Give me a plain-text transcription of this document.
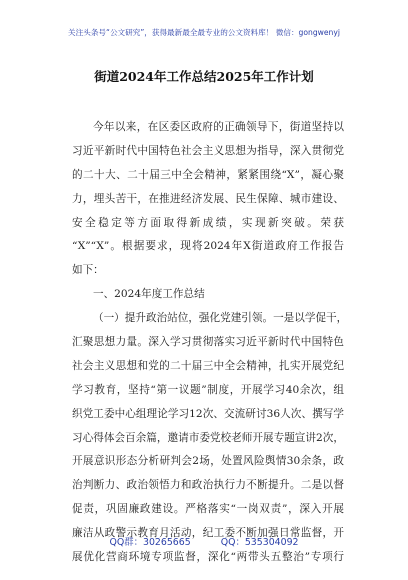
关注头条号“公文研究”，获得最新最全最专业的公文资料库！ 微信：gongwenyj
街道2024年工作总结2025年工作计划
今年以来，在区委区政府的正确领导下，街道坚持以
习近平新时代中国特色社会主义思想为指导，深入贯彻党
的二十大、二十届三中全会精神，紧紧围绕“X”，凝心聚
力，埋头苦干，在推进经济发展、民生保障、城市建设、
安全稳定等方面取得新成绩，实现新突破。荣获
“X”“X”。根据要求，现将2024年X街道政府工作报告
如下：
一、2024年度工作总结
（一）提升政治站位，强化党建引领。一是以学促干，
汇聚思想力量。深入学习贯彻落实习近平新时代中国特色
社会主义思想和党的二十届三中全会精神，扎实开展党纪
学习教育，坚持“第一议题”制度，开展学习40余次，组
织党工委中心组理论学习12次、交流研讨36人次、撰写学
习心得体会百余篇，邀请市委党校老师开展专题宣讲2次，
开展意识形态分析研判会2场，处置风险舆情30余条，政
治判断力、政治领悟力和政治执行力不断提升。二是以督
促责，巩固廉政建设。严格落实“一岗双责”，深入开展
廉洁从政警示教育月活动，纪工委不断加强日常监督，开
展优化营商环境专项监督，深化“两带头五整治”专项行
QQ群：30265665	QQ：535304092
